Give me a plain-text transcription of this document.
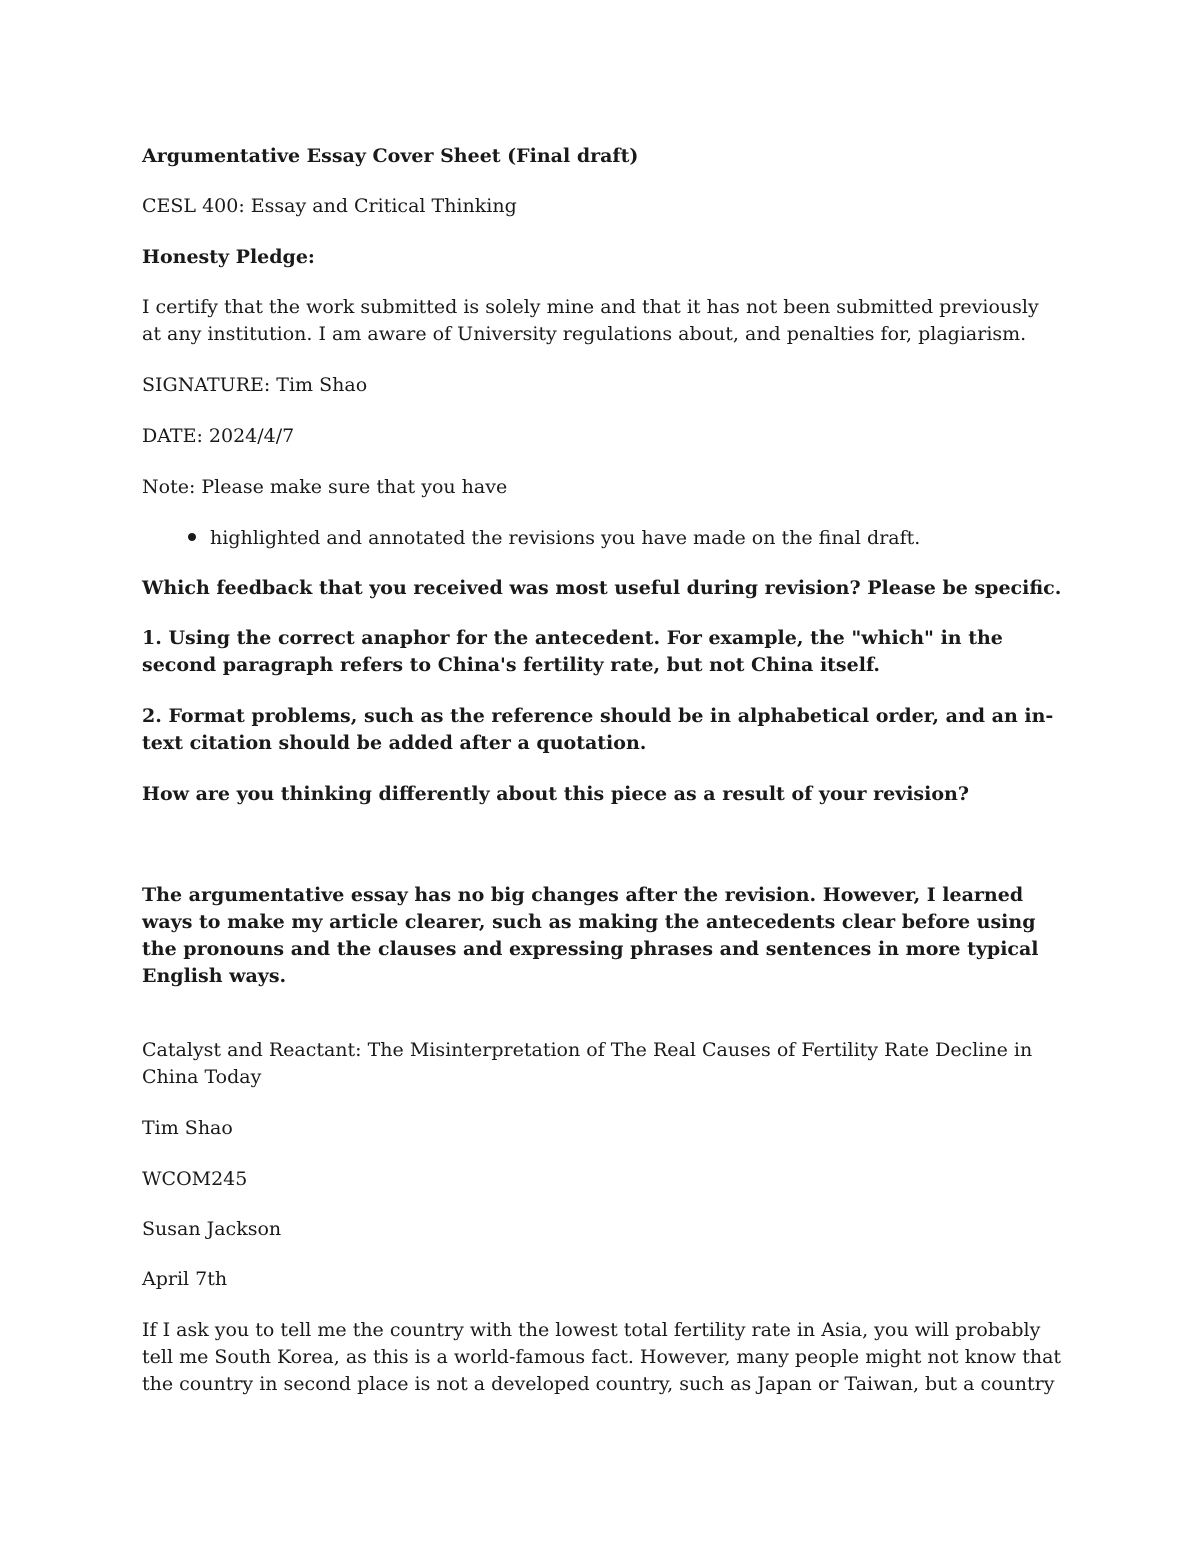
Argumentative Essay Cover Sheet (Final draft)

CESL 400: Essay and Critical Thinking

Honesty Pledge:

I certify that the work submitted is solely mine and that it has not been submitted previously at any institution. I am aware of University regulations about, and penalties for, plagiarism.

SIGNATURE: Tim Shao

DATE: 2024/4/7

Note: Please make sure that you have

highlighted and annotated the revisions you have made on the final draft.

Which feedback that you received was most useful during revision? Please be specific.

1. Using the correct anaphor for the antecedent. For example, the "which" in the second paragraph refers to China's fertility rate, but not China itself.

2. Format problems, such as the reference should be in alphabetical order, and an in-text citation should be added after a quotation.

How are you thinking differently about this piece as a result of your revision?

The argumentative essay has no big changes after the revision. However, I learned ways to make my article clearer, such as making the antecedents clear before using the pronouns and the clauses and expressing phrases and sentences in more typical English ways.

Catalyst and Reactant: The Misinterpretation of The Real Causes of Fertility Rate Decline in China Today

Tim Shao

WCOM245

Susan Jackson

April 7th

If I ask you to tell me the country with the lowest total fertility rate in Asia, you will probably tell me South Korea, as this is a world-famous fact. However, many people might not know that the country in second place is not a developed country, such as Japan or Taiwan, but a country
